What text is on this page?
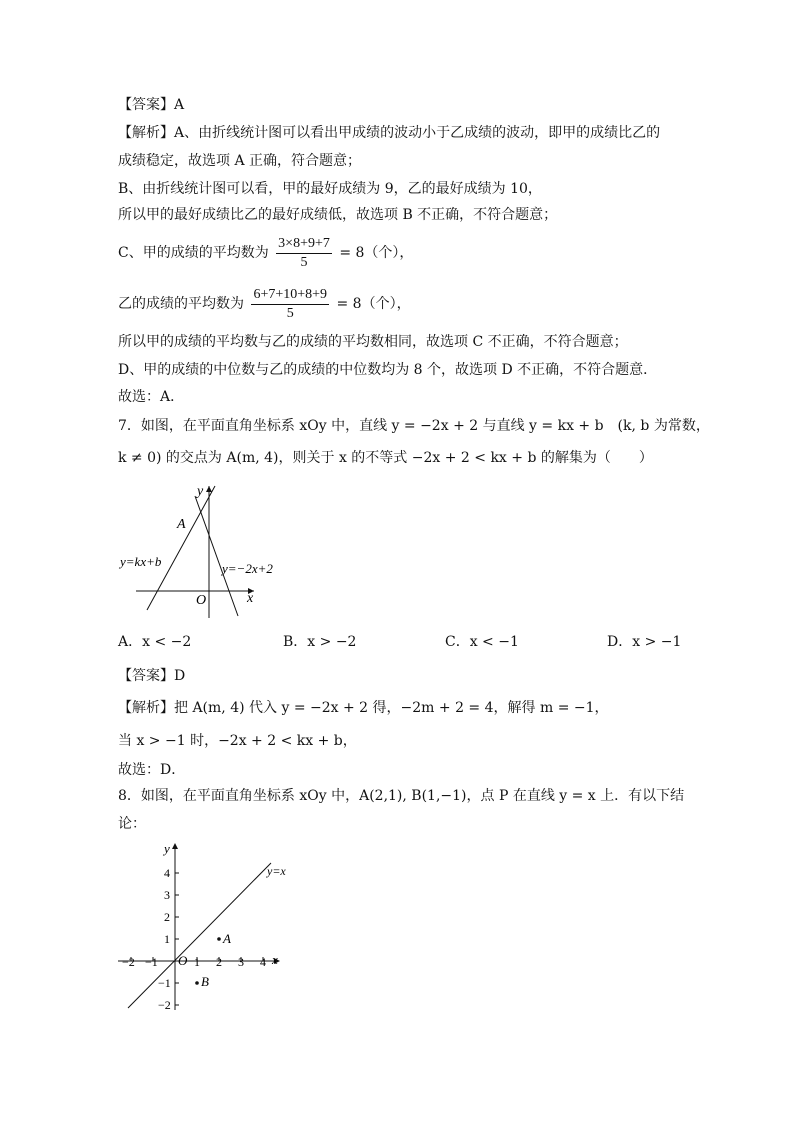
【答案】A
【解析】A、由折线统计图可以看出甲成绩的波动小于乙成绩的波动，即甲的成绩比乙的
成绩稳定，故选项 A 正确，符合题意；
B、由折线统计图可以看，甲的最好成绩为 9，乙的最好成绩为 10，
所以甲的最好成绩比乙的最好成绩低，故选项 B 不正确，不符合题意；
C、甲的成绩的平均数为 $\frac{3\times 8+9+7}{5} = 8$（个），
乙的成绩的平均数为 $\frac{6+7+10+8+9}{5} = 8$（个），
所以甲的成绩的平均数与乙的成绩的平均数相同，故选项 C 不正确，不符合题意；
D、甲的成绩的中位数与乙的成绩的中位数均为 8 个，故选项 D 不正确，不符合题意．
故选：A．
7．如图，在平面直角坐标系 xOy 中，直线 y = −2x + 2 与直线 y = kx + b　(k, b 为常数，
k ≠ 0) 的交点为 A(m, 4)，则关于 x 的不等式 −2x + 2 < kx + b 的解集为（　　）
y
x
O
A
y=kx+b	y=−2x+2
A．x < −2	B．x > −2	C．x < −1	D．x > −1
【答案】D
【解析】把 A(m, 4) 代入 y = −2x + 2 得，−2m + 2 = 4，解得 m = −1，
当 x > −1 时，−2x + 2 < kx + b，
故选：D．
8．如图，在平面直角坐标系 xOy 中，A(2,1), B(1,−1)，点 P 在直线 y = x 上．有以下结
论：
y
x
O
A
B
y=x
−2 −1	1 2 3 4
4
3
2
1
−1
−2
